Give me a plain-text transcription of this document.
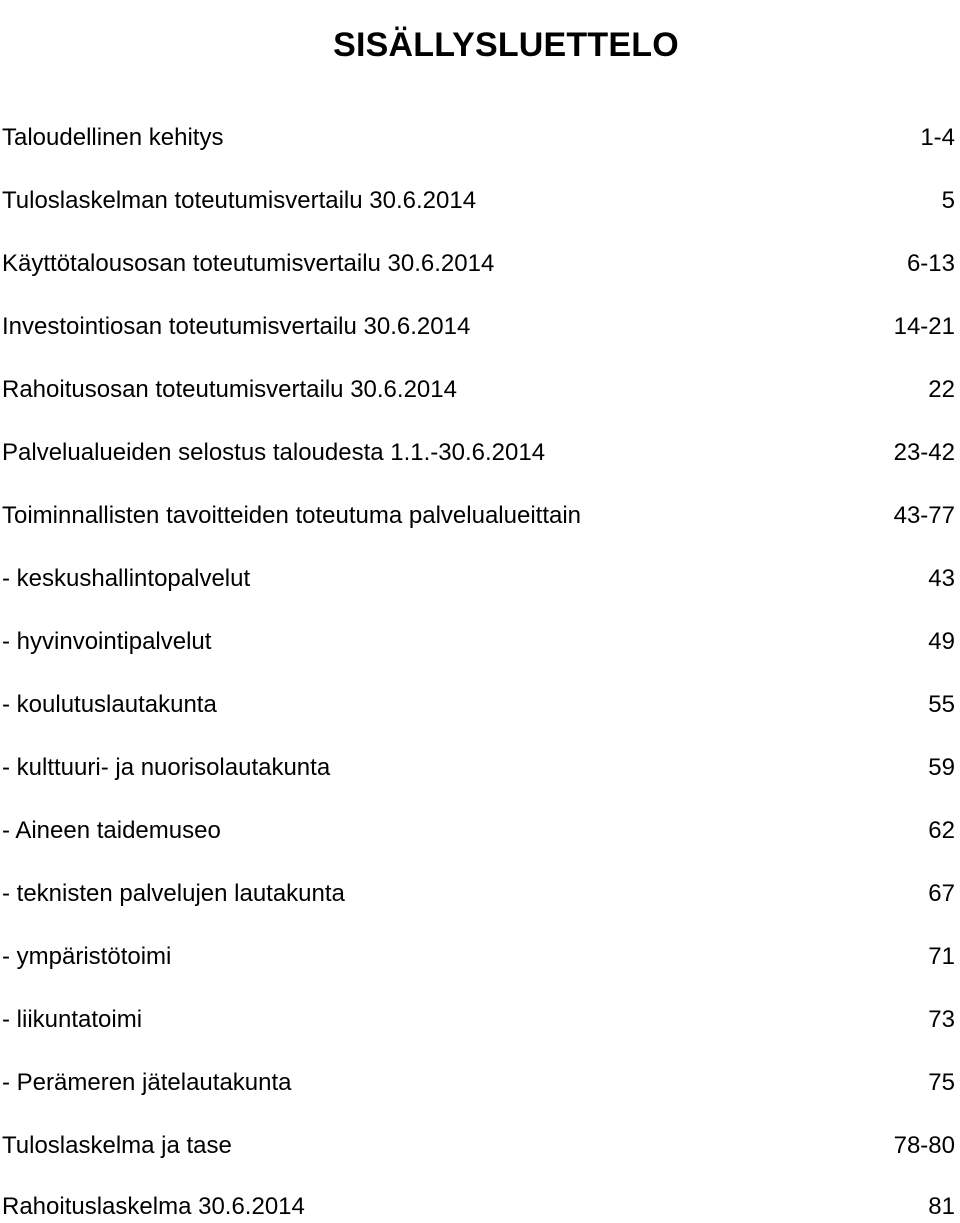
SISÄLLYSLUETTELO
Taloudellinen kehitys	1-4
Tuloslaskelman toteutumisvertailu 30.6.2014	5
Käyttötalousosan toteutumisvertailu 30.6.2014	6-13
Investointiosan toteutumisvertailu 30.6.2014	14-21
Rahoitusosan toteutumisvertailu 30.6.2014	22
Palvelualueiden selostus taloudesta 1.1.-30.6.2014	23-42
Toiminnallisten tavoitteiden toteutuma palvelualueittain	43-77
- keskushallintopalvelut	43
- hyvinvointipalvelut	49
- koulutuslautakunta	55
- kulttuuri- ja nuorisolautakunta	59
- Aineen taidemuseo	62
- teknisten palvelujen lautakunta	67
- ympäristötoimi	71
- liikuntatoimi	73
- Perämeren jätelautakunta	75
Tuloslaskelma ja tase	78-80
Rahoituslaskelma 30.6.2014	81
